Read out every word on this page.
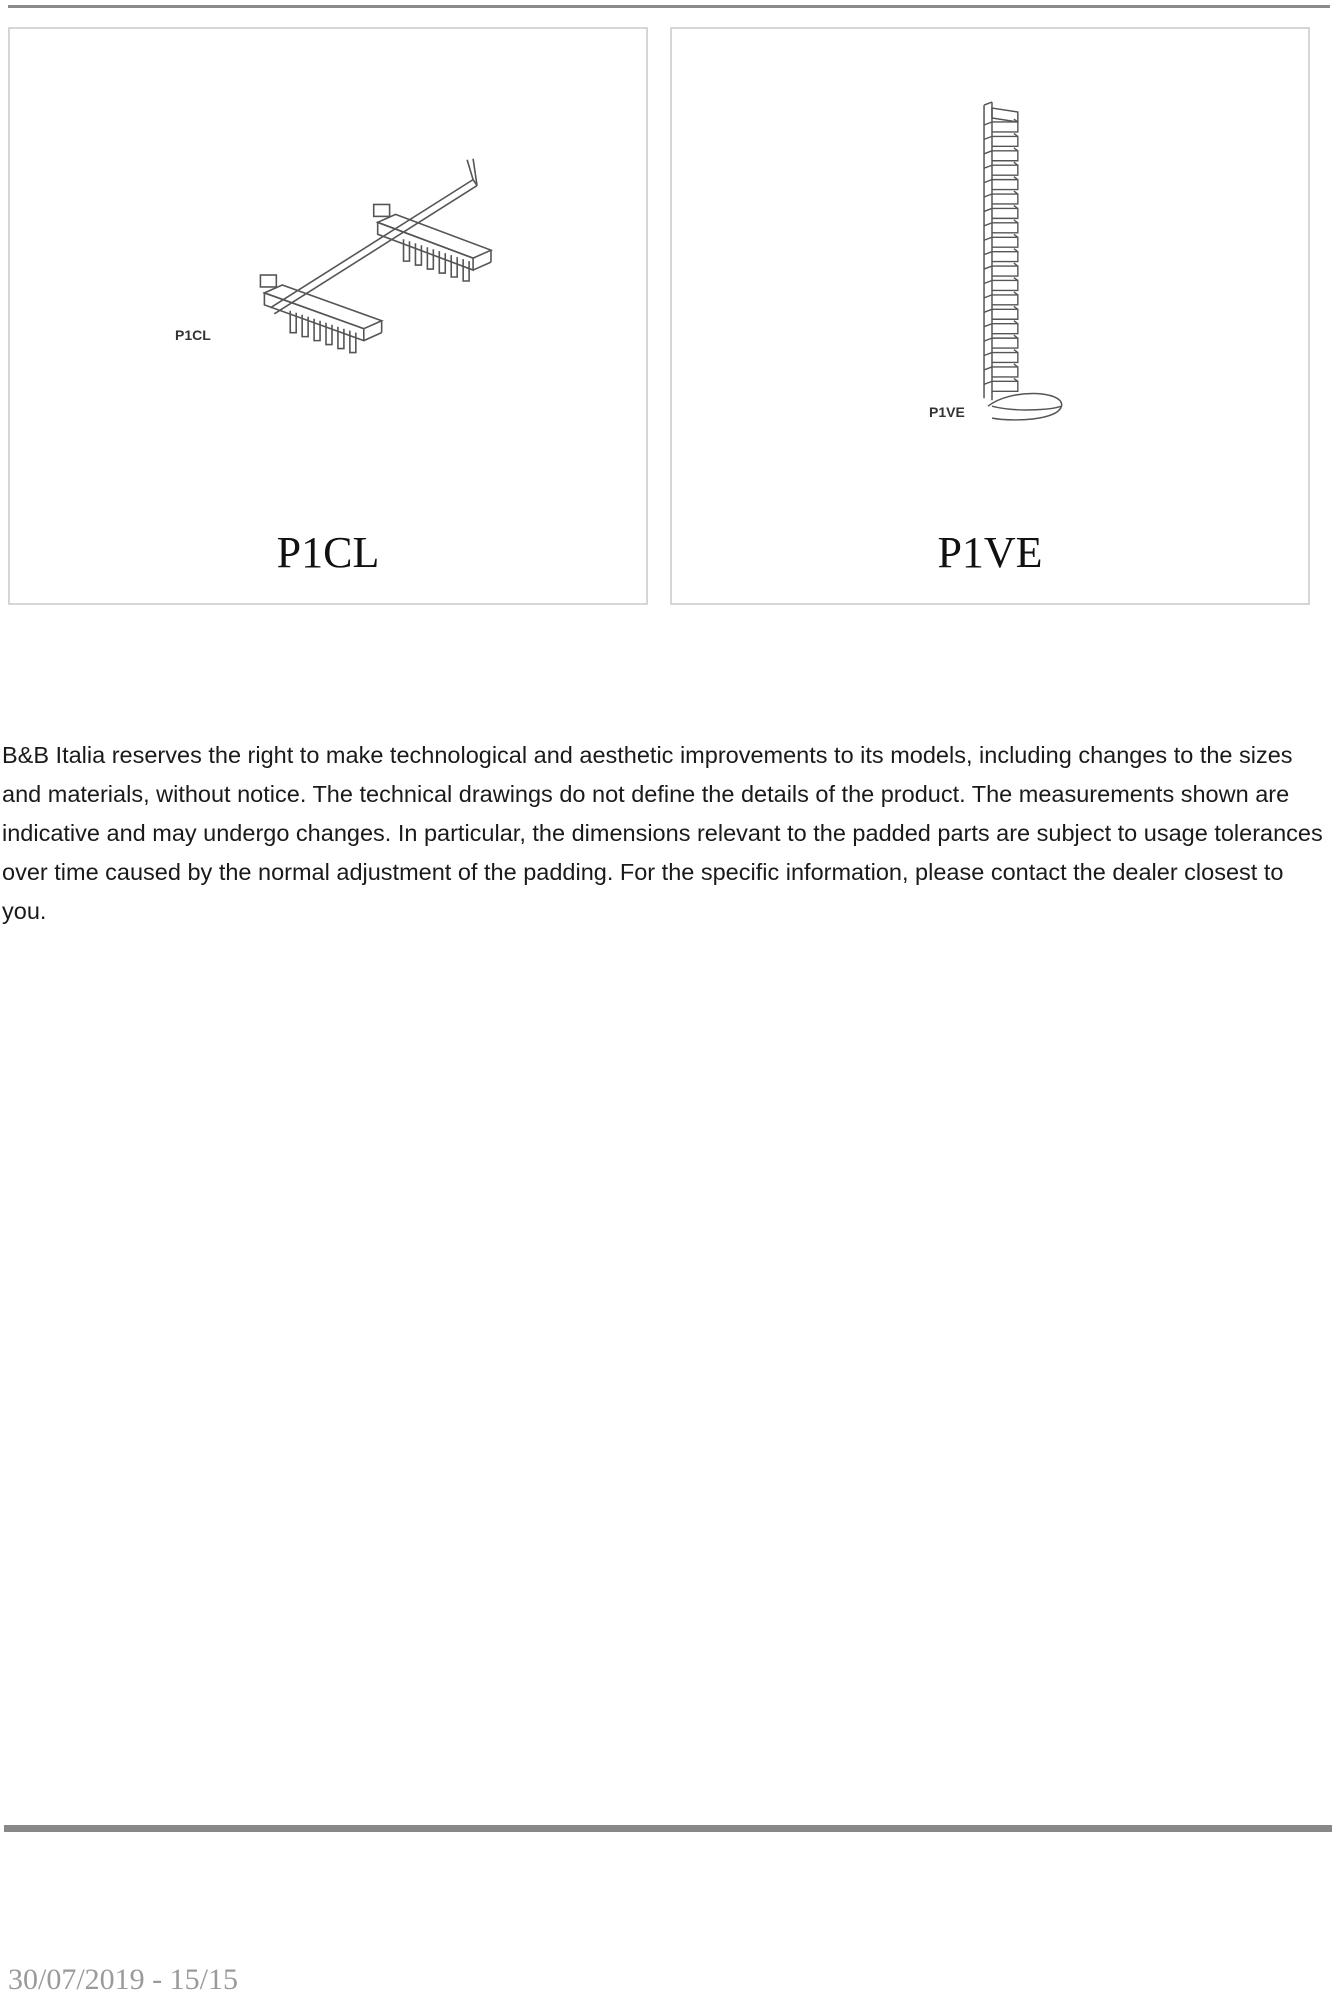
P1CL
P1CL
P1VE
P1VE
B&B Italia reserves the right to make technological and aesthetic improvements to its models, including changes to the sizes and materials, without notice. The technical drawings do not define the details of the product. The measurements shown are indicative and may undergo changes. In particular, the dimensions relevant to the padded parts are subject to usage tolerances over time caused by the normal adjustment of the padding. For the specific information, please contact the dealer closest to you.
30/07/2019 - 15/15
